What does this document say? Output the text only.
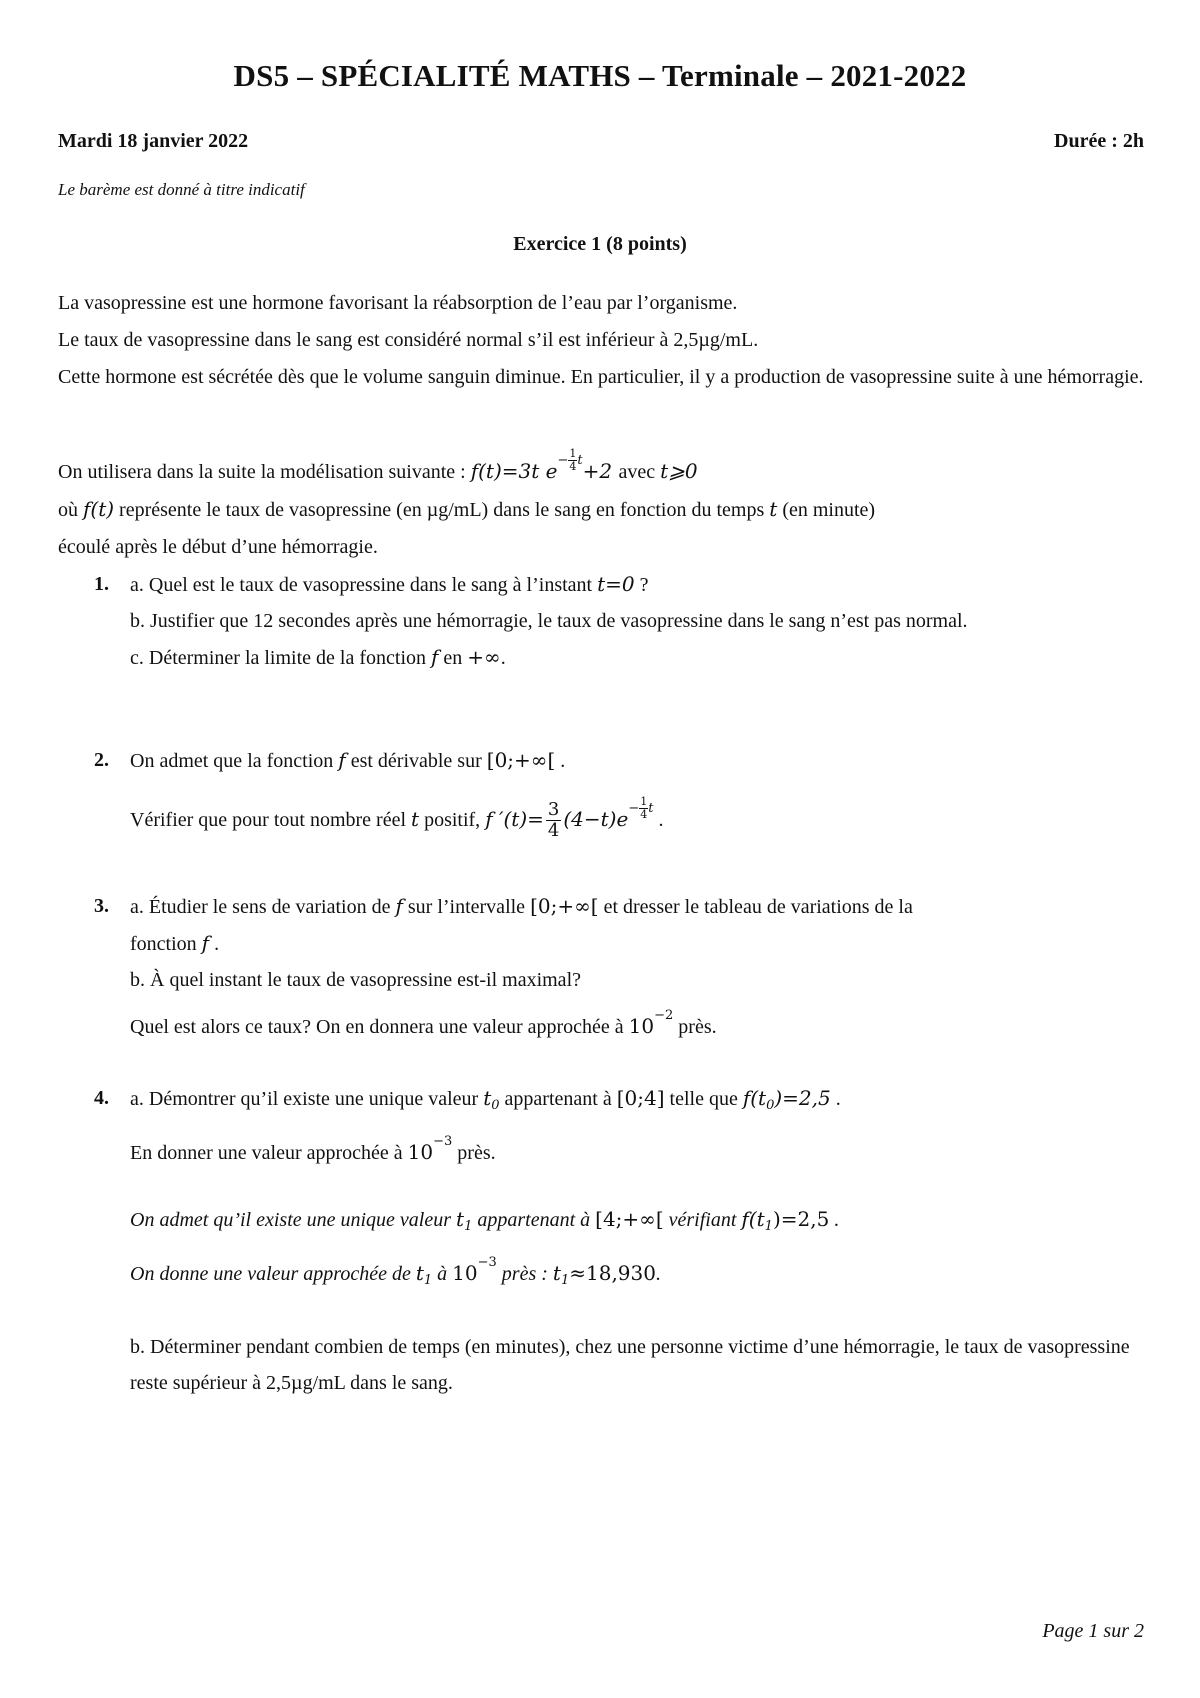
DS5 – SPÉCIALITÉ MATHS – Terminale – 2021-2022
Mardi 18 janvier 2022	Durée : 2h
Le barème est donné à titre indicatif
Exercice 1 (8 points)

La vasopressine est une hormone favorisant la réabsorption de l’eau par l’organisme.

Le taux de vasopressine dans le sang est considéré normal s’il est inférieur à 2,5µg/mL.

Cette hormone est sécrétée dès que le volume sanguin diminue. En particulier, il y a production de vasopressine suite à une hémorragie.

On utilisera dans la suite la modélisation suivante : f(t)=3t $e^{- \frac{1}{4} t}+2$ avec t⩾0

où f(t) représente le taux de vasopressine (en µg/mL) dans le sang en fonction du temps t (en minute)

écoulé après le début d’une hémorragie.

1. a. Quel est le taux de vasopressine dans le sang à l’instant t=0 ?

b. Justifier que 12 secondes après une hémorragie, le taux de vasopressine dans le sang n’est pas normal.

c. Déterminer la limite de la fonction f en +∞.

2. On admet que la fonction f est dérivable sur [0;+∞[ .

Vérifier que pour tout nombre réel t positif, f $'(t)= \frac{3}{4} (4-t)e^{- \frac{1}{4} t}$ .

3. a. Étudier le sens de variation de f sur l’intervalle [0;+∞[ et dresser le tableau de variations de la

fonction f .

b. À quel instant le taux de vasopressine est-il maximal?

Quel est alors ce taux? On en donnera une valeur approchée à $10^{-2}$ près.

4. a. Démontrer qu’il existe une unique valeur $t_0$ appartenant à [0;4] telle que $f(t_0)=2,5$ .

En donner une valeur approchée à $10^{-3}$ près.

On admet qu’il existe une unique valeur $t_1$ appartenant à [4;+∞[ vérifiant $f(t_1)=2,5$ .

On donne une valeur approchée de $t_1$ à $10^{-3}$ près : $t_1\approx 18,930$.

b. Déterminer pendant combien de temps (en minutes), chez une personne victime d’une hémorragie, le taux de vasopressine reste supérieur à 2,5µg/mL dans le sang.

Page 1 sur 2
